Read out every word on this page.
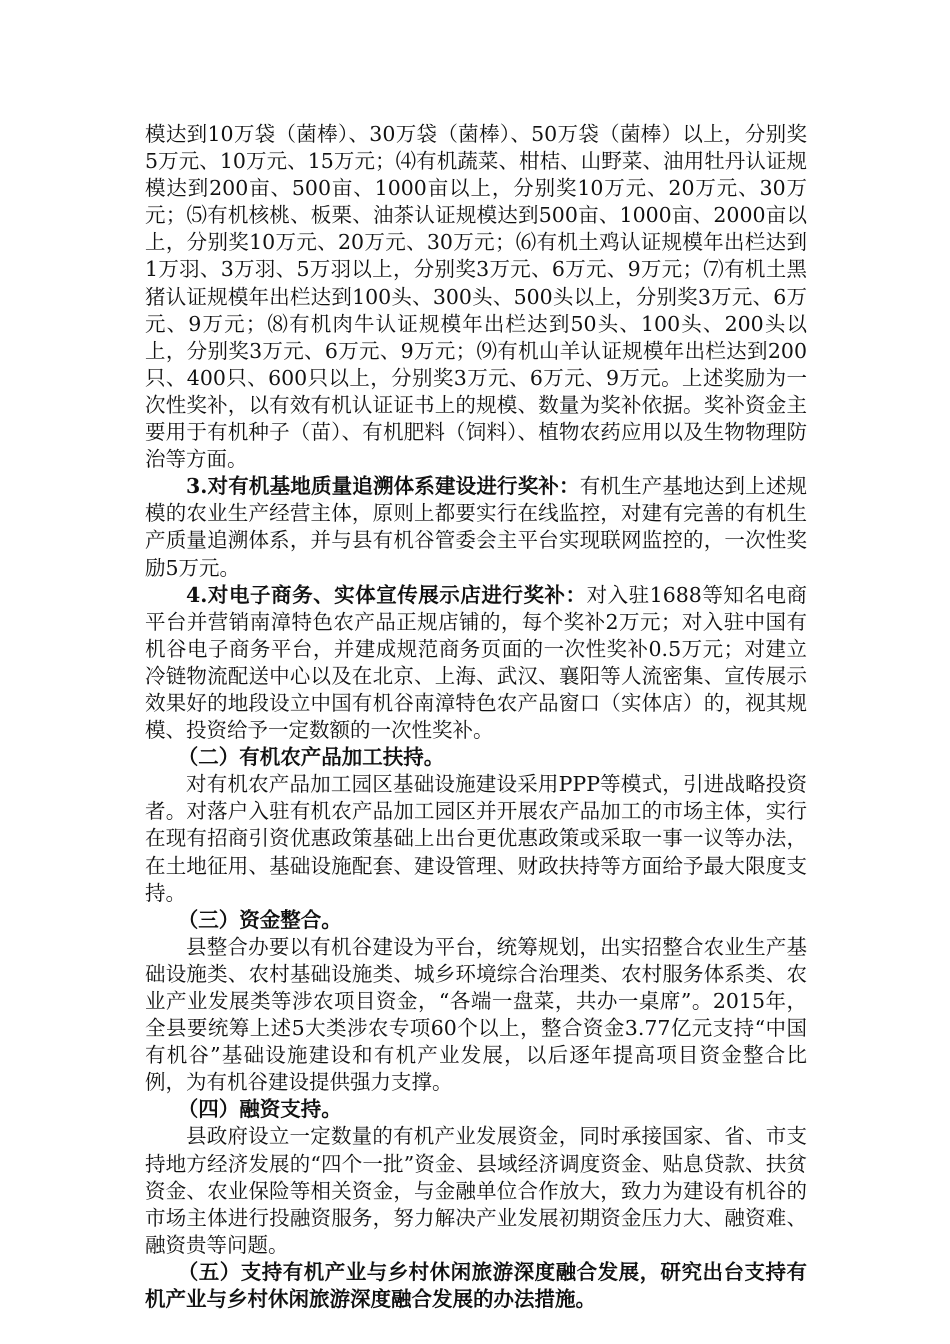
模达到10万袋（菌棒）、30万袋（菌棒）、50万袋（菌棒）以上，分别奖5万元、10万元、15万元；⑷有机蔬菜、柑桔、山野菜、油用牡丹认证规模达到200亩、500亩、1000亩以上，分别奖10万元、20万元、30万元；⑸有机核桃、板栗、油茶认证规模达到500亩、1000亩、2000亩以上，分别奖10万元、20万元、30万元；⑹有机土鸡认证规模年出栏达到1万羽、3万羽、5万羽以上，分别奖3万元、6万元、9万元；⑺有机土黑猪认证规模年出栏达到100头、300头、500头以上，分别奖3万元、6万元、9万元；⑻有机肉牛认证规模年出栏达到50头、100头、200头以上，分别奖3万元、6万元、9万元；⑼有机山羊认证规模年出栏达到200只、400只、600只以上，分别奖3万元、6万元、9万元。上述奖励为一次性奖补，以有效有机认证证书上的规模、数量为奖补依据。奖补资金主要用于有机种子（苗）、有机肥料（饲料）、植物农药应用以及生物物理防治等方面。

3.对有机基地质量追溯体系建设进行奖补：有机生产基地达到上述规模的农业生产经营主体，原则上都要实行在线监控，对建有完善的有机生产质量追溯体系，并与县有机谷管委会主平台实现联网监控的，一次性奖励5万元。

4.对电子商务、实体宣传展示店进行奖补：对入驻1688等知名电商平台并营销南漳特色农产品正规店铺的，每个奖补2万元；对入驻中国有机谷电子商务平台，并建成规范商务页面的一次性奖补0.5万元；对建立冷链物流配送中心以及在北京、上海、武汉、襄阳等人流密集、宣传展示效果好的地段设立中国有机谷南漳特色农产品窗口（实体店）的，视其规模、投资给予一定数额的一次性奖补。

（二）有机农产品加工扶持。

对有机农产品加工园区基础设施建设采用PPP等模式，引进战略投资者。对落户入驻有机农产品加工园区并开展农产品加工的市场主体，实行在现有招商引资优惠政策基础上出台更优惠政策或采取一事一议等办法，在土地征用、基础设施配套、建设管理、财政扶持等方面给予最大限度支持。

（三）资金整合。

县整合办要以有机谷建设为平台，统筹规划，出实招整合农业生产基础设施类、农村基础设施类、城乡环境综合治理类、农村服务体系类、农业产业发展类等涉农项目资金，“各端一盘菜，共办一桌席”。2015年，全县要统筹上述5大类涉农专项60个以上，整合资金3.77亿元支持“中国有机谷”基础设施建设和有机产业发展，以后逐年提高项目资金整合比例，为有机谷建设提供强力支撑。

（四）融资支持。

县政府设立一定数量的有机产业发展资金，同时承接国家、省、市支持地方经济发展的“四个一批”资金、县域经济调度资金、贴息贷款、扶贫资金、农业保险等相关资金，与金融单位合作放大，致力为建设有机谷的市场主体进行投融资服务，努力解决产业发展初期资金压力大、融资难、融资贵等问题。

（五）支持有机产业与乡村休闲旅游深度融合发展，研究出台支持有机产业与乡村休闲旅游深度融合发展的办法措施。
